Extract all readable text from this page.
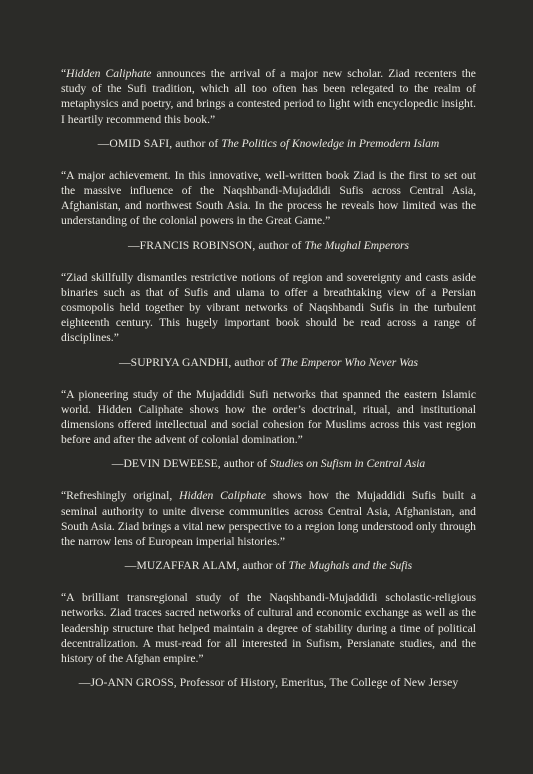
“Hidden Caliphate announces the arrival of a major new scholar. Ziad recenters the study of the Sufi tradition, which all too often has been relegated to the realm of metaphysics and poetry, and brings a contested period to light with encyclopedic insight. I heartily recommend this book.”

—OMID SAFI, author of The Politics of Knowledge in Premodern Islam

“A major achievement. In this innovative, well-written book Ziad is the first to set out the massive influence of the Naqshbandi-Mujaddidi Sufis across Central Asia, Afghanistan, and northwest South Asia. In the process he reveals how limited was the understanding of the colonial powers in the Great Game.”

—FRANCIS ROBINSON, author of The Mughal Emperors

“Ziad skillfully dismantles restrictive notions of region and sovereignty and casts aside binaries such as that of Sufis and ulama to offer a breathtaking view of a Persian cosmopolis held together by vibrant networks of Naqshbandi Sufis in the turbulent eighteenth century. This hugely important book should be read across a range of disciplines.”

—SUPRIYA GANDHI, author of The Emperor Who Never Was

“A pioneering study of the Mujaddidi Sufi networks that spanned the eastern Islamic world. Hidden Caliphate shows how the order’s doctrinal, ritual, and institutional dimensions offered intellectual and social cohesion for Muslims across this vast region before and after the advent of colonial domination.”

—DEVIN DEWEESE, author of Studies on Sufism in Central Asia

“Refreshingly original, Hidden Caliphate shows how the Mujaddidi Sufis built a seminal authority to unite diverse communities across Central Asia, Afghanistan, and South Asia. Ziad brings a vital new perspective to a region long understood only through the narrow lens of European imperial histories.”

—MUZAFFAR ALAM, author of The Mughals and the Sufis

“A brilliant transregional study of the Naqshbandi-Mujaddidi scholastic-religious networks. Ziad traces sacred networks of cultural and economic exchange as well as the leadership structure that helped maintain a degree of stability during a time of political decentralization. A must-read for all interested in Sufism, Persianate studies, and the history of the Afghan empire.”

—JO-ANN GROSS, Professor of History, Emeritus, The College of New Jersey
